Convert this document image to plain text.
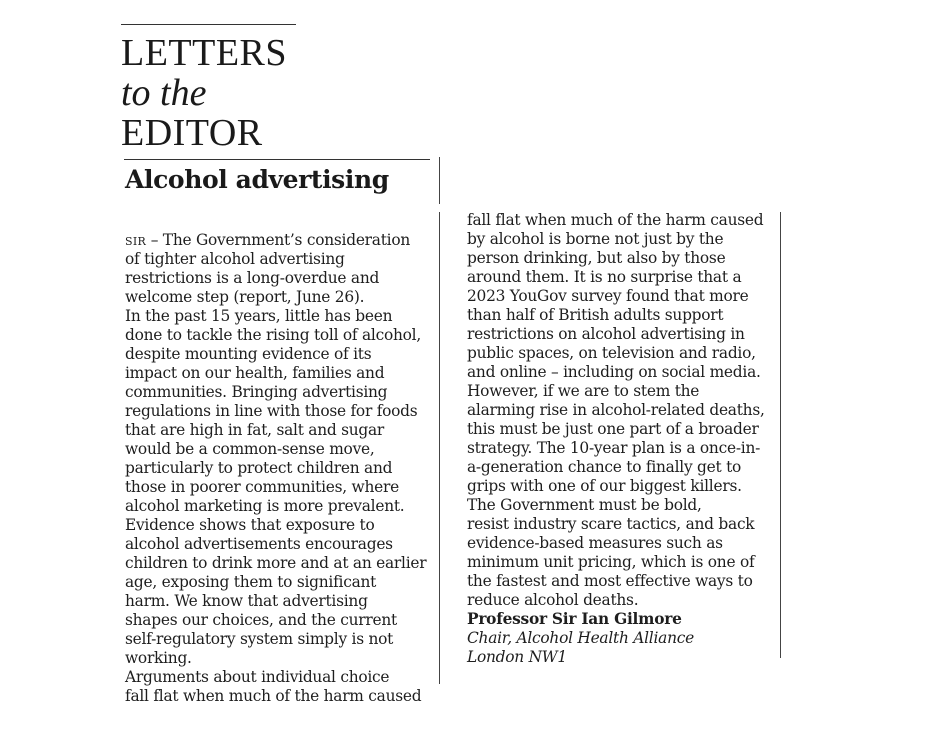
LETTERS
to the
EDITOR
Alcohol advertising

sir – The Government’s consideration

of tighter alcohol advertising

restrictions is a long-overdue and

welcome step (report, June 26).

In the past 15 years, little has been

done to tackle the rising toll of alcohol,

despite mounting evidence of its

impact on our health, families and

communities. Bringing advertising

regulations in line with those for foods

that are high in fat, salt and sugar

would be a common-sense move,

particularly to protect children and

those in poorer communities, where

alcohol marketing is more prevalent.

Evidence shows that exposure to

alcohol advertisements encourages

children to drink more and at an earlier

age, exposing them to significant

harm. We know that advertising

shapes our choices, and the current

self-regulatory system simply is not

working.

Arguments about individual choice

fall flat when much of the harm caused

fall flat when much of the harm caused

by alcohol is borne not just by the

person drinking, but also by those

around them. It is no surprise that a

2023 YouGov survey found that more

than half of British adults support

restrictions on alcohol advertising in

public spaces, on television and radio,

and online – including on social media.

However, if we are to stem the

alarming rise in alcohol-related deaths,

this must be just one part of a broader

strategy. The 10-year plan is a once-in-

a-generation chance to finally get to

grips with one of our biggest killers.

The Government must be bold,

resist industry scare tactics, and back

evidence-based measures such as

minimum unit pricing, which is one of

the fastest and most effective ways to

reduce alcohol deaths.

Professor Sir Ian Gilmore

Chair, Alcohol Health Alliance

London NW1
